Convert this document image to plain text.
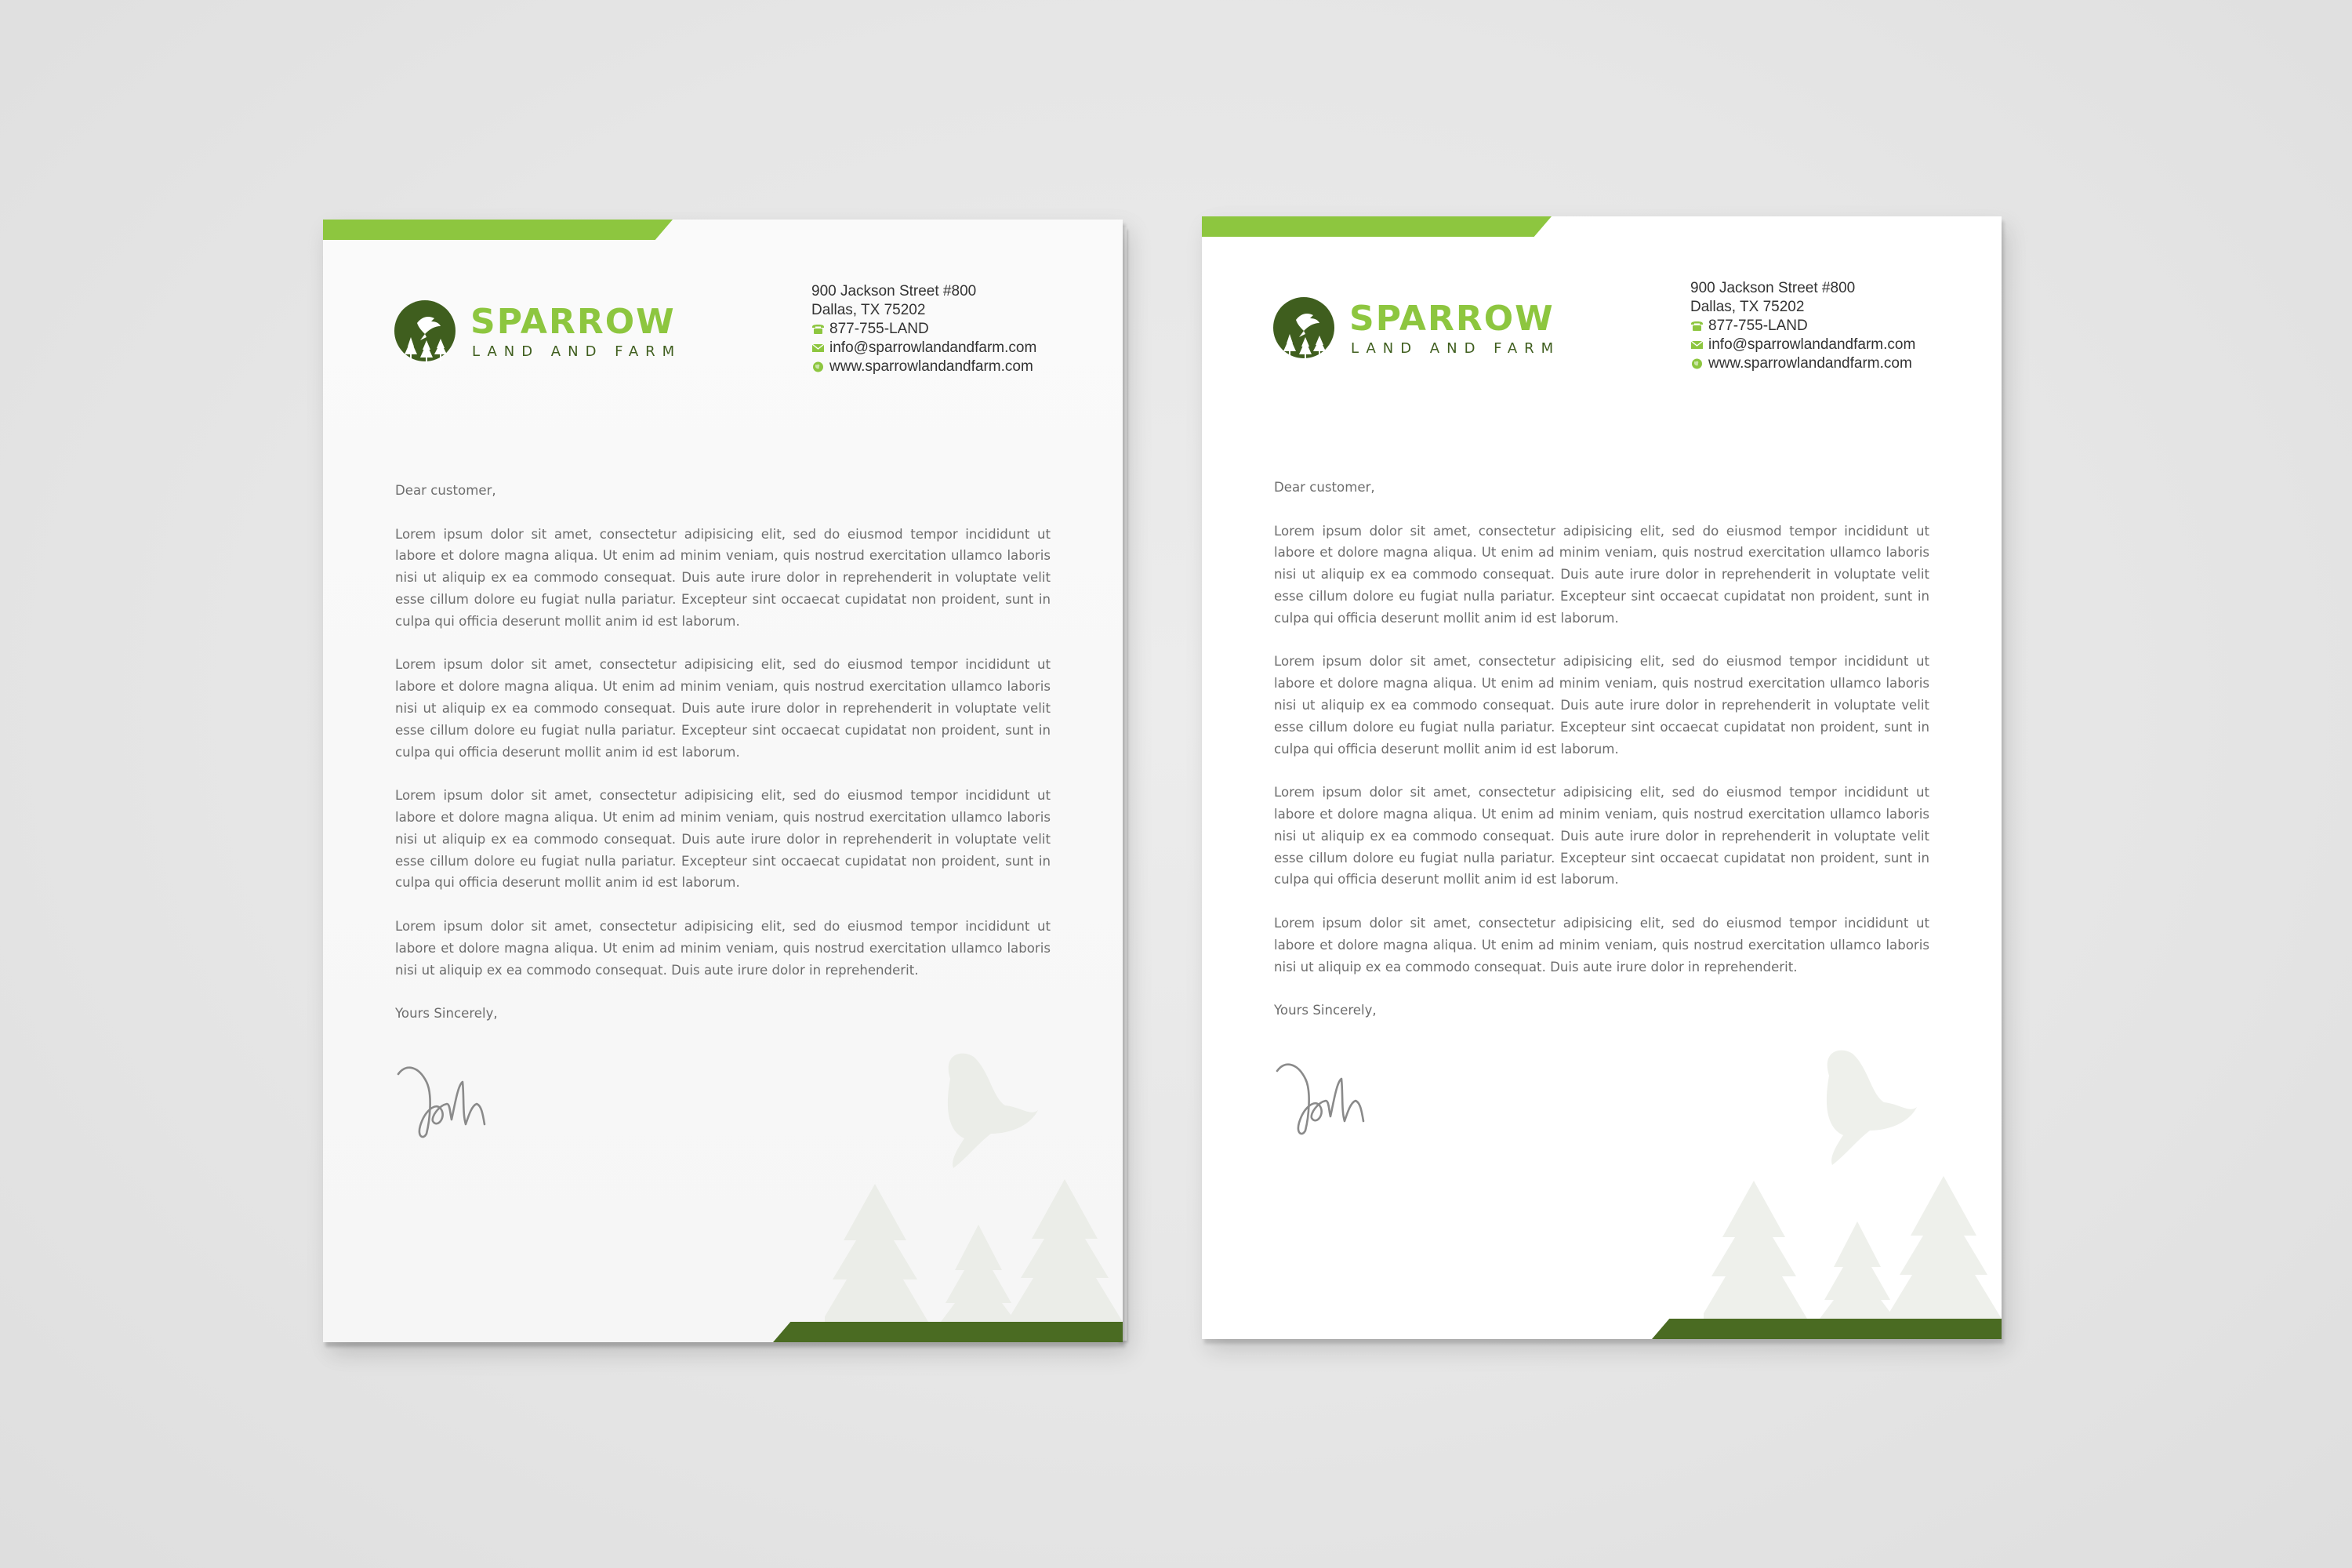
SPARROW
LAND AND FARM
900 Jackson Street #800
Dallas, TX 75202
877-755-LAND
info@sparrowlandandfarm.com
www.sparrowlandandfarm.com

Dear customer,

Lorem ipsum dolor sit amet, consectetur adipisicing elit, sed do eiusmod tempor incididunt ut labore et dolore magna aliqua. Ut enim ad minim veniam, quis nostrud exercitation ullamco laboris nisi ut aliquip ex ea commodo consequat. Duis aute irure dolor in reprehenderit in voluptate velit esse cillum dolore eu fugiat nulla pariatur. Excepteur sint occaecat cupidatat non proident, sunt in culpa qui officia deserunt mollit anim id est laborum.

Lorem ipsum dolor sit amet, consectetur adipisicing elit, sed do eiusmod tempor incididunt ut labore et dolore magna aliqua. Ut enim ad minim veniam, quis nostrud exercitation ullamco laboris nisi ut aliquip ex ea commodo consequat. Duis aute irure dolor in reprehenderit in voluptate velit esse cillum dolore eu fugiat nulla pariatur. Excepteur sint occaecat cupidatat non proident, sunt in culpa qui officia deserunt mollit anim id est laborum.

Lorem ipsum dolor sit amet, consectetur adipisicing elit, sed do eiusmod tempor incididunt ut labore et dolore magna aliqua. Ut enim ad minim veniam, quis nostrud exercitation ullamco laboris nisi ut aliquip ex ea commodo consequat. Duis aute irure dolor in reprehenderit in voluptate velit esse cillum dolore eu fugiat nulla pariatur. Excepteur sint occaecat cupidatat non proident, sunt in culpa qui officia deserunt mollit anim id est laborum.

Lorem ipsum dolor sit amet, consectetur adipisicing elit, sed do eiusmod tempor incididunt ut labore et dolore magna aliqua. Ut enim ad minim veniam, quis nostrud exercitation ullamco laboris nisi ut aliquip ex ea commodo consequat. Duis aute irure dolor in reprehenderit.

Yours Sincerely,

SPARROW
LAND AND FARM
900 Jackson Street #800
Dallas, TX 75202
877-755-LAND
info@sparrowlandandfarm.com
www.sparrowlandandfarm.com

Dear customer,

Lorem ipsum dolor sit amet, consectetur adipisicing elit, sed do eiusmod tempor incididunt ut labore et dolore magna aliqua. Ut enim ad minim veniam, quis nostrud exercitation ullamco laboris nisi ut aliquip ex ea commodo consequat. Duis aute irure dolor in reprehenderit in voluptate velit esse cillum dolore eu fugiat nulla pariatur. Excepteur sint occaecat cupidatat non proident, sunt in culpa qui officia deserunt mollit anim id est laborum.

Lorem ipsum dolor sit amet, consectetur adipisicing elit, sed do eiusmod tempor incididunt ut labore et dolore magna aliqua. Ut enim ad minim veniam, quis nostrud exercitation ullamco laboris nisi ut aliquip ex ea commodo consequat. Duis aute irure dolor in reprehenderit in voluptate velit esse cillum dolore eu fugiat nulla pariatur. Excepteur sint occaecat cupidatat non proident, sunt in culpa qui officia deserunt mollit anim id est laborum.

Lorem ipsum dolor sit amet, consectetur adipisicing elit, sed do eiusmod tempor incididunt ut labore et dolore magna aliqua. Ut enim ad minim veniam, quis nostrud exercitation ullamco laboris nisi ut aliquip ex ea commodo consequat. Duis aute irure dolor in reprehenderit in voluptate velit esse cillum dolore eu fugiat nulla pariatur. Excepteur sint occaecat cupidatat non proident, sunt in culpa qui officia deserunt mollit anim id est laborum.

Lorem ipsum dolor sit amet, consectetur adipisicing elit, sed do eiusmod tempor incididunt ut labore et dolore magna aliqua. Ut enim ad minim veniam, quis nostrud exercitation ullamco laboris nisi ut aliquip ex ea commodo consequat. Duis aute irure dolor in reprehenderit.

Yours Sincerely,
